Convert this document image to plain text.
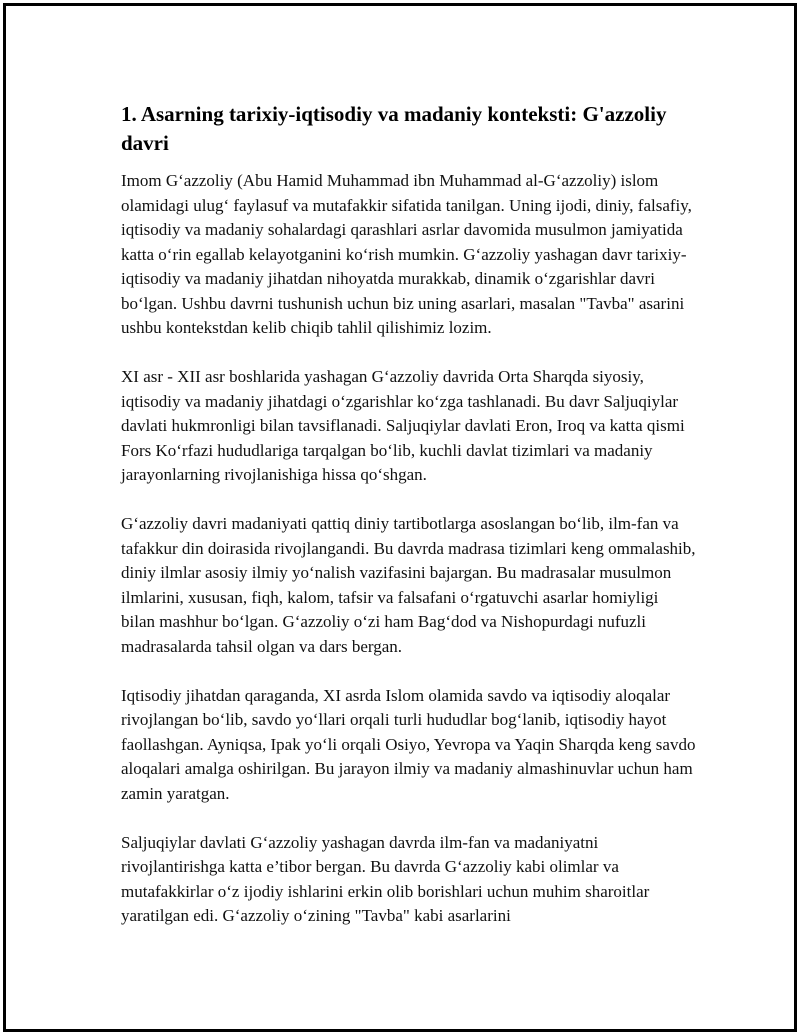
1. Asarning tarixiy-iqtisodiy va madaniy konteksti: G'azzoliy davri

Imom G‘azzoliy (Abu Hamid Muhammad ibn Muhammad al-G‘azzoliy) islom olamidagi ulug‘ faylasuf va mutafakkir sifatida tanilgan. Uning ijodi, diniy, falsafiy, iqtisodiy va madaniy sohalardagi qarashlari asrlar davomida musulmon jamiyatida katta o‘rin egallab kelayotganini ko‘rish mumkin. G‘azzoliy yashagan davr tarixiy-iqtisodiy va madaniy jihatdan nihoyatda murakkab, dinamik o‘zgarishlar davri bo‘lgan. Ushbu davrni tushunish uchun biz uning asarlari, masalan "Tavba" asarini ushbu kontekstdan kelib chiqib tahlil qilishimiz lozim.

XI asr - XII asr boshlarida yashagan G‘azzoliy davrida Orta Sharqda siyosiy, iqtisodiy va madaniy jihatdagi o‘zgarishlar ko‘zga tashlanadi. Bu davr Saljuqiylar davlati hukmronligi bilan tavsiflanadi. Saljuqiylar davlati Eron, Iroq va katta qismi Fors Ko‘rfazi hududlariga tarqalgan bo‘lib, kuchli davlat tizimlari va madaniy jarayonlarning rivojlanishiga hissa qo‘shgan.

G‘azzoliy davri madaniyati qattiq diniy tartibotlarga asoslangan bo‘lib, ilm-fan va tafakkur din doirasida rivojlangandi. Bu davrda madrasa tizimlari keng ommalashib, diniy ilmlar asosiy ilmiy yo‘nalish vazifasini bajargan. Bu madrasalar musulmon ilmlarini, xususan, fiqh, kalom, tafsir va falsafani o‘rgatuvchi asarlar homiyligi bilan mashhur bo‘lgan. G‘azzoliy o‘zi ham Bag‘dod va Nishopurdagi nufuzli madrasalarda tahsil olgan va dars bergan.

Iqtisodiy jihatdan qaraganda, XI asrda Islom olamida savdo va iqtisodiy aloqalar rivojlangan bo‘lib, savdo yo‘llari orqali turli hududlar bog‘lanib, iqtisodiy hayot faollashgan. Ayniqsa, Ipak yo‘li orqali Osiyo, Yevropa va Yaqin Sharqda keng savdo aloqalari amalga oshirilgan. Bu jarayon ilmiy va madaniy almashinuvlar uchun ham zamin yaratgan.

Saljuqiylar davlati G‘azzoliy yashagan davrda ilm-fan va madaniyatni rivojlantirishga katta e’tibor bergan. Bu davrda G‘azzoliy kabi olimlar va mutafakkirlar o‘z ijodiy ishlarini erkin olib borishlari uchun muhim sharoitlar yaratilgan edi. G‘azzoliy o‘zining "Tavba" kabi asarlarini
